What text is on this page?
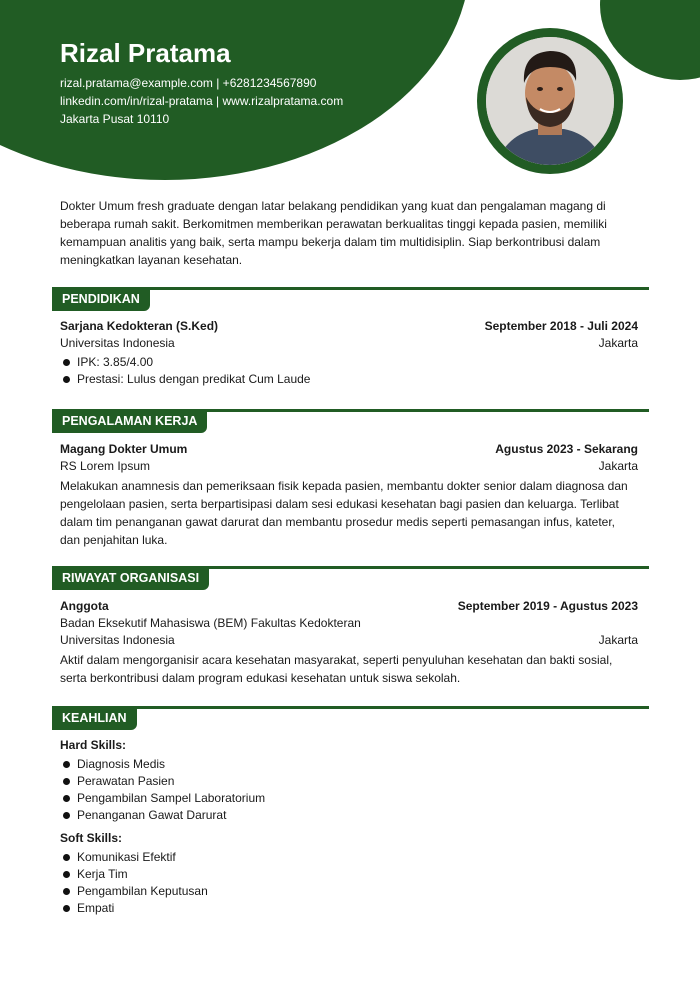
Rizal Pratama
rizal.pratama@example.com | +6281234567890
linkedin.com/in/rizal-pratama | www.rizalpratama.com
Jakarta Pusat 10110
Dokter Umum fresh graduate dengan latar belakang pendidikan yang kuat dan pengalaman magang di beberapa rumah sakit. Berkomitmen memberikan perawatan berkualitas tinggi kepada pasien, memiliki kemampuan analitis yang baik, serta mampu bekerja dalam tim multidisiplin. Siap berkontribusi dalam meningkatkan layanan kesehatan.
PENDIDIKAN
Sarjana Kedokteran (S.Ked)	September 2018 - Juli 2024
Universitas Indonesia	Jakarta
IPK: 3.85/4.00
Prestasi: Lulus dengan predikat Cum Laude
PENGALAMAN KERJA
Magang Dokter Umum	Agustus 2023 - Sekarang
RS Lorem Ipsum	Jakarta
Melakukan anamnesis dan pemeriksaan fisik kepada pasien, membantu dokter senior dalam diagnosa dan pengelolaan pasien, serta berpartisipasi dalam sesi edukasi kesehatan bagi pasien dan keluarga. Terlibat dalam tim penanganan gawat darurat dan membantu prosedur medis seperti pemasangan infus, kateter, dan penjahitan luka.
RIWAYAT ORGANISASI
Anggota	September 2019 - Agustus 2023
Badan Eksekutif Mahasiswa (BEM) Fakultas Kedokteran
Universitas Indonesia	Jakarta
Aktif dalam mengorganisir acara kesehatan masyarakat, seperti penyuluhan kesehatan dan bakti sosial, serta berkontribusi dalam program edukasi kesehatan untuk siswa sekolah.
KEAHLIAN
Hard Skills:
Diagnosis Medis
Perawatan Pasien
Pengambilan Sampel Laboratorium
Penanganan Gawat Darurat
Soft Skills:
Komunikasi Efektif
Kerja Tim
Pengambilan Keputusan
Empati
